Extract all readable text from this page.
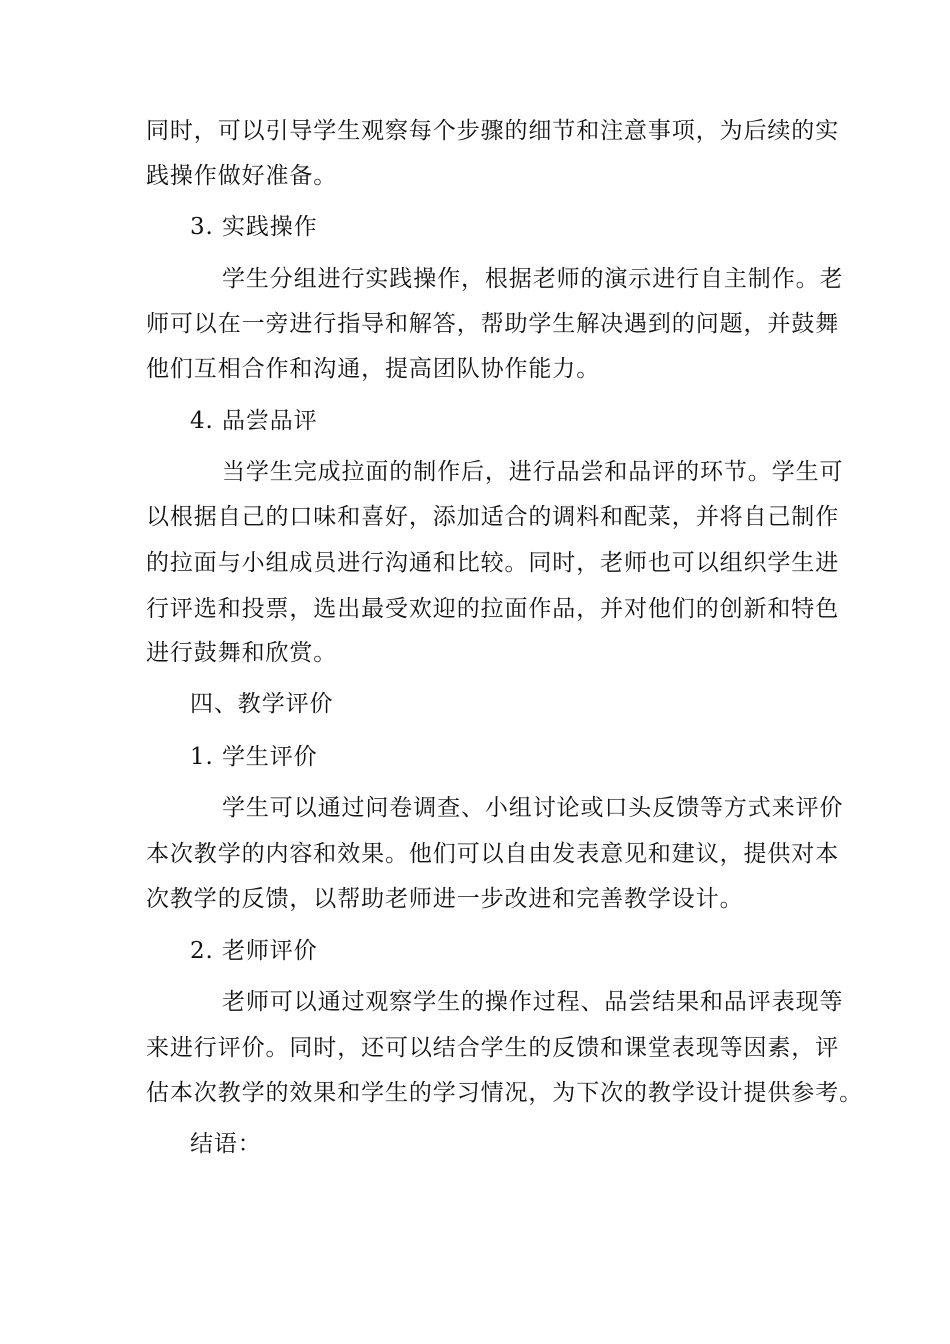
同时，可以引导学生观察每个步骤的细节和注意事项，为后续的实
践操作做好准备。
3. 实践操作
学生分组进行实践操作，根据老师的演示进行自主制作。老
师可以在一旁进行指导和解答，帮助学生解决遇到的问题，并鼓舞
他们互相合作和沟通，提高团队协作能力。
4. 品尝品评
当学生完成拉面的制作后，进行品尝和品评的环节。学生可
以根据自己的口味和喜好，添加适合的调料和配菜，并将自己制作
的拉面与小组成员进行沟通和比较。同时，老师也可以组织学生进
行评选和投票，选出最受欢迎的拉面作品，并对他们的创新和特色
进行鼓舞和欣赏。
四、教学评价
1. 学生评价
学生可以通过问卷调查、小组讨论或口头反馈等方式来评价
本次教学的内容和效果。他们可以自由发表意见和建议，提供对本
次教学的反馈，以帮助老师进一步改进和完善教学设计。
2. 老师评价
老师可以通过观察学生的操作过程、品尝结果和品评表现等
来进行评价。同时，还可以结合学生的反馈和课堂表现等因素，评
估本次教学的效果和学生的学习情况，为下次的教学设计提供参考。
结语：
